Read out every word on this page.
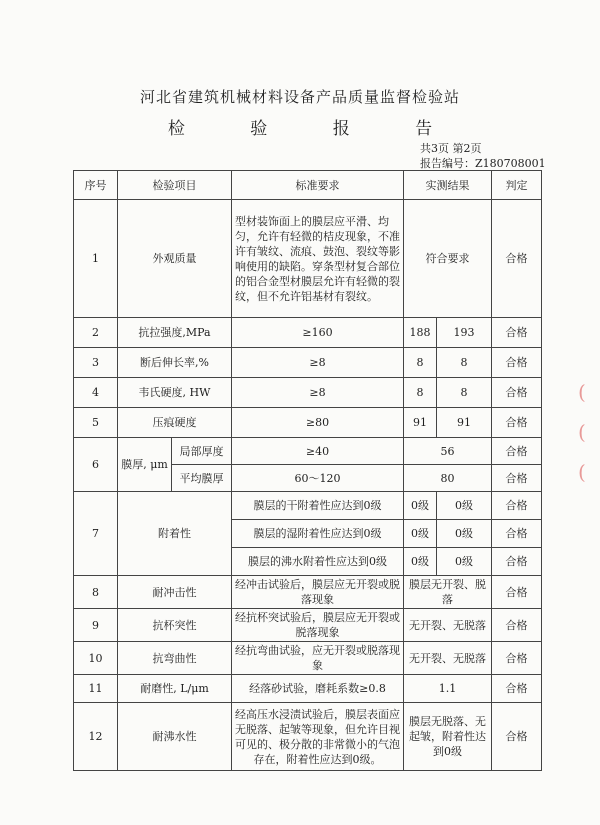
河北省建筑机械材料设备产品质量监督检验站
检 验 报 告
共3页 第2页
报告编号：Z180708001
序号	检验项目		标准要求	实测结果		判定
1	外观质量		型材装饰面上的膜层应平滑、均匀，允许有轻微的桔皮现象，不准许有皱纹、流痕、鼓泡、裂纹等影响使用的缺陷。穿条型材复合部位的铝合金型材膜层允许有轻微的裂纹，但不允许铝基材有裂纹。	符合要求		合格
2	抗拉强度,MPa		≥160	188	193	合格
3	断后伸长率,%		≥8	8	8	合格
4	韦氏硬度, HW		≥8	8	8	合格
5	压痕硬度		≥80	91	91	合格
6	膜厚, μm	局部厚度	≥40	56		合格
		平均膜厚	60～120	80		合格
7	附着性		膜层的干附着性应达到0级	0级	0级	合格
			膜层的湿附着性应达到0级	0级	0级	合格
			膜层的沸水附着性应达到0级	0级	0级	合格
8	耐冲击性		经冲击试验后，膜层应无开裂或脱落现象	膜层无开裂、脱落		合格
9	抗杯突性		经抗杯突试验后，膜层应无开裂或脱落现象	无开裂、无脱落		合格
10	抗弯曲性		经抗弯曲试验，应无开裂或脱落现象	无开裂、无脱落		合格
11	耐磨性, L/μm		经落砂试验，磨耗系数≥0.8	1.1		合格
12	耐沸水性		经高压水浸渍试验后，膜层表面应无脱落、起皱等现象，但允许目视可见的、极分散的非常微小的气泡存在，附着性应达到0级。	膜层无脱落、无起皱，附着性达到0级		合格
(
(
(
